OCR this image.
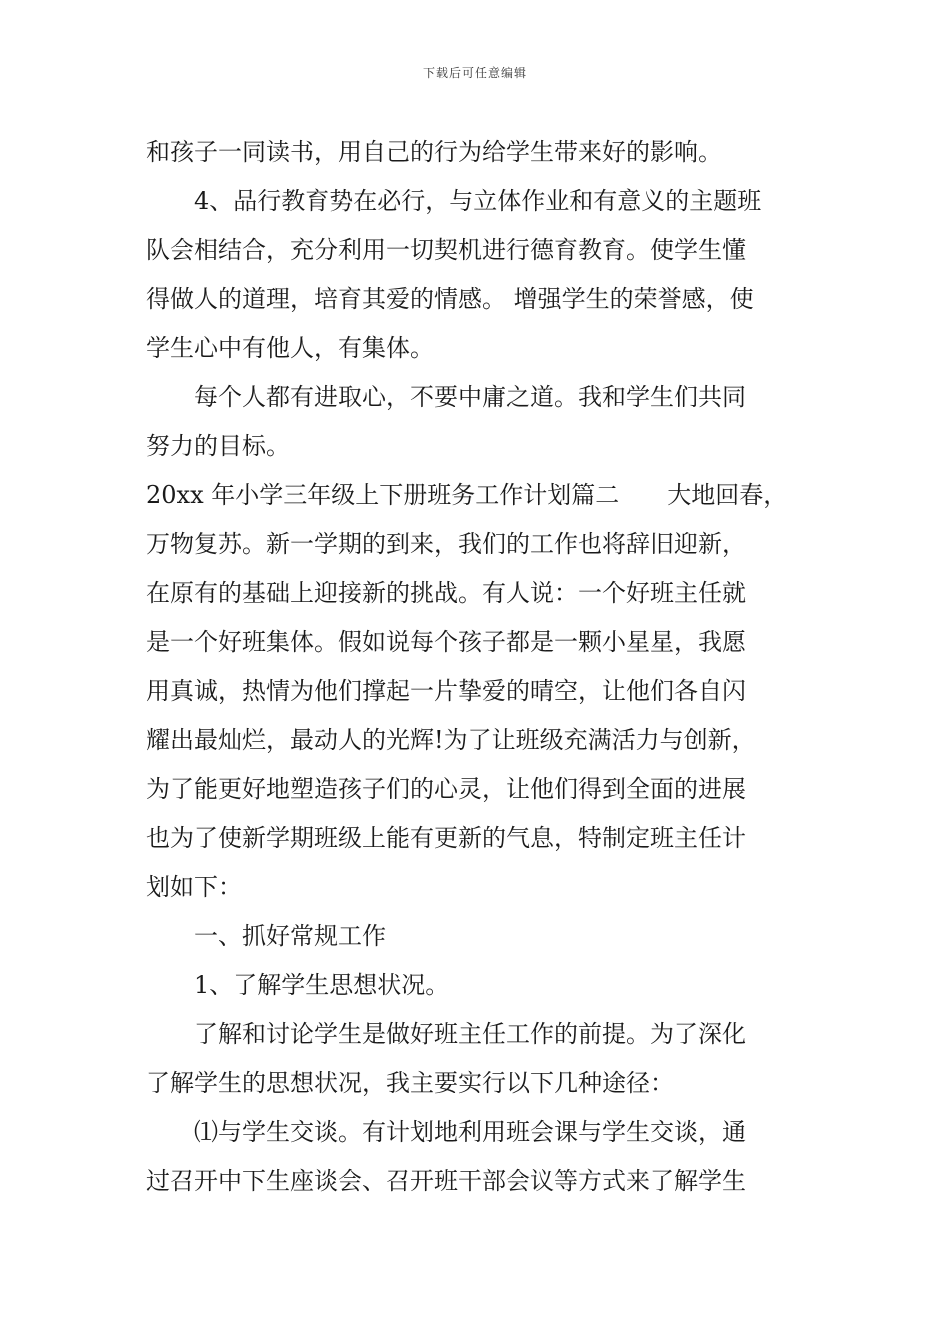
下载后可任意编辑
和孩子一同读书，用自己的行为给学生带来好的影响。
4、品行教育势在必行，与立体作业和有意义的主题班
队会相结合，充分利用一切契机进行德育教育。使学生懂
得做人的道理，培育其爱的情感。 增强学生的荣誉感，使
学生心中有他人，有集体。
每个人都有进取心，不要中庸之道。我和学生们共同
努力的目标。
20xx 年小学三年级上下册班务工作计划篇二　　大地回春，
万物复苏。新一学期的到来，我们的工作也将辞旧迎新，
在原有的基础上迎接新的挑战。有人说：一个好班主任就
是一个好班集体。假如说每个孩子都是一颗小星星，我愿
用真诚，热情为他们撑起一片挚爱的晴空，让他们各自闪
耀出最灿烂，最动人的光辉!为了让班级充满活力与创新，
为了能更好地塑造孩子们的心灵，让他们得到全面的进展
也为了使新学期班级上能有更新的气息，特制定班主任计
划如下：
一、抓好常规工作
1、了解学生思想状况。
了解和讨论学生是做好班主任工作的前提。为了深化
了解学生的思想状况，我主要实行以下几种途径：
⑴与学生交谈。有计划地利用班会课与学生交谈，通
过召开中下生座谈会、召开班干部会议等方式来了解学生
